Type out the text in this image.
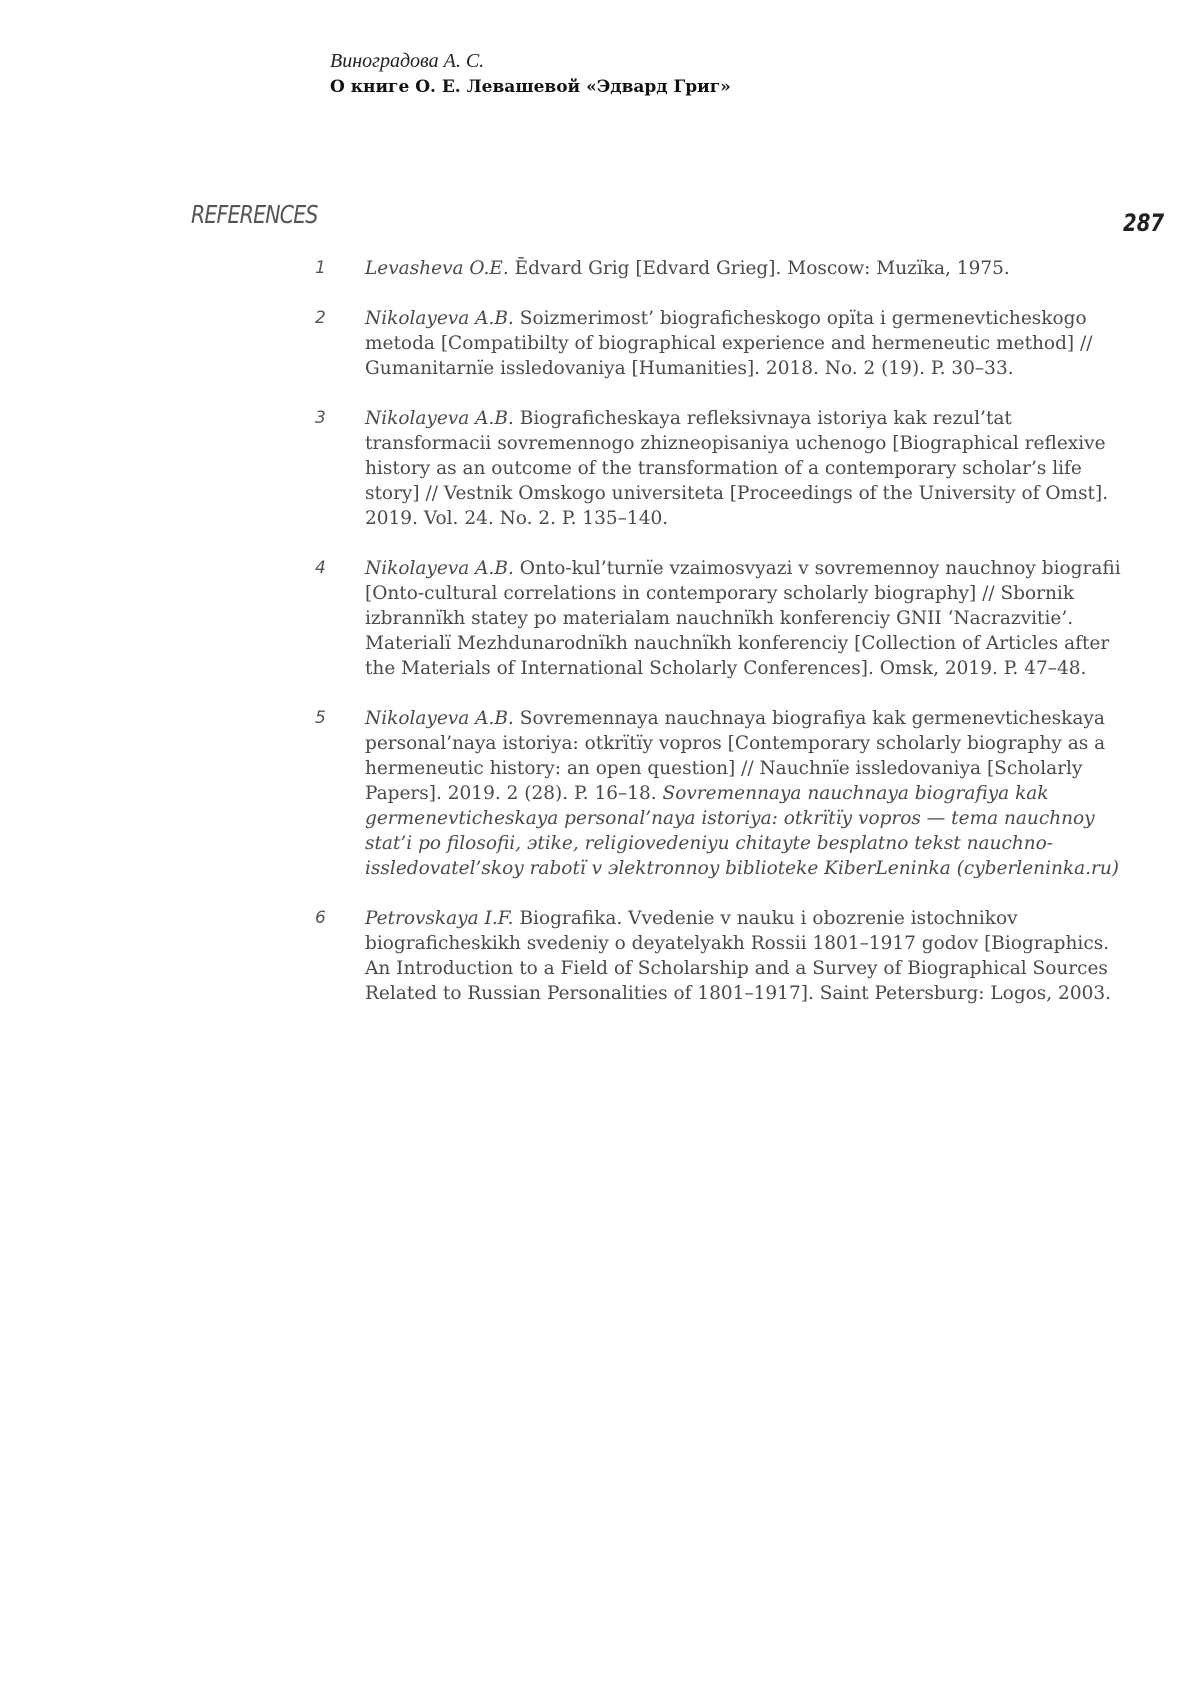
Виноградова А. С.
О книге О. Е. Левашевой «Эдвард Григ»
REFERENCES	287
1 Levasheva O.E. Ēdvard Grig [Edvard Grieg]. Moscow: Muzïka, 1975.
2 Nikolayeva A.B. Soizmerimost’ biograficheskogo opïta i germenevticheskogo metoda [Compatibilty of biographical experience and hermeneutic method] // Gumanitarnïe issledovaniya [Humanities]. 2018. No. 2 (19). P. 30–33.
3 Nikolayeva A.B. Biograficheskaya refleksivnaya istoriya kak rezul’tat transformacii sovremennogo zhizneopisaniya uchenogo [Biographical reflexive history as an outcome of the transformation of a contemporary scholar’s life story] // Vestnik Omskogo universiteta [Proceedings of the University of Omst]. 2019. Vol. 24. No. 2. P. 135–140.
4 Nikolayeva A.B. Onto-kul’turnïe vzaimosvyazi v sovremennoy nauchnoy biografii [Onto-cultural correlations in contemporary scholarly biography] // Sbornik izbrannïkh statey po materialam nauchnïkh konferenciy GNII ‘Nacrazvitie’. Materialï Mezhdunarodnïkh nauchnïkh konferenciy [Collection of Articles after the Materials of International Scholarly Conferences]. Omsk, 2019. P. 47–48.
5 Nikolayeva A.B. Sovremennaya nauchnaya biografiya kak germenevticheskaya personal’naya istoriya: otkrïtïy vopros [Contemporary scholarly biography as a hermeneutic history: an open question] // Nauchnïe issledovaniya [Scholarly Papers]. 2019. 2 (28). P. 16–18. Sovremennaya nauchnaya biografiya kak germenevticheskaya personal’naya istoriya: otkrïtïy vopros — tema nauchnoy stat’i po filosofii, эtike, religiovedeniyu chitayte besplatno tekst nauchno-issledovatel’skoy rabotï v эlektronnoy biblioteke KiberLeninka (cyberleninka.ru)
6 Petrovskaya I.F. Biografika. Vvedenie v nauku i obozrenie istochnikov biograficheskikh svedeniy o deyatelyakh Rossii 1801–1917 godov [Biographics. An Introduction to a Field of Scholarship and a Survey of Biographical Sources Related to Russian Personalities of 1801–1917]. Saint Petersburg: Logos, 2003.
